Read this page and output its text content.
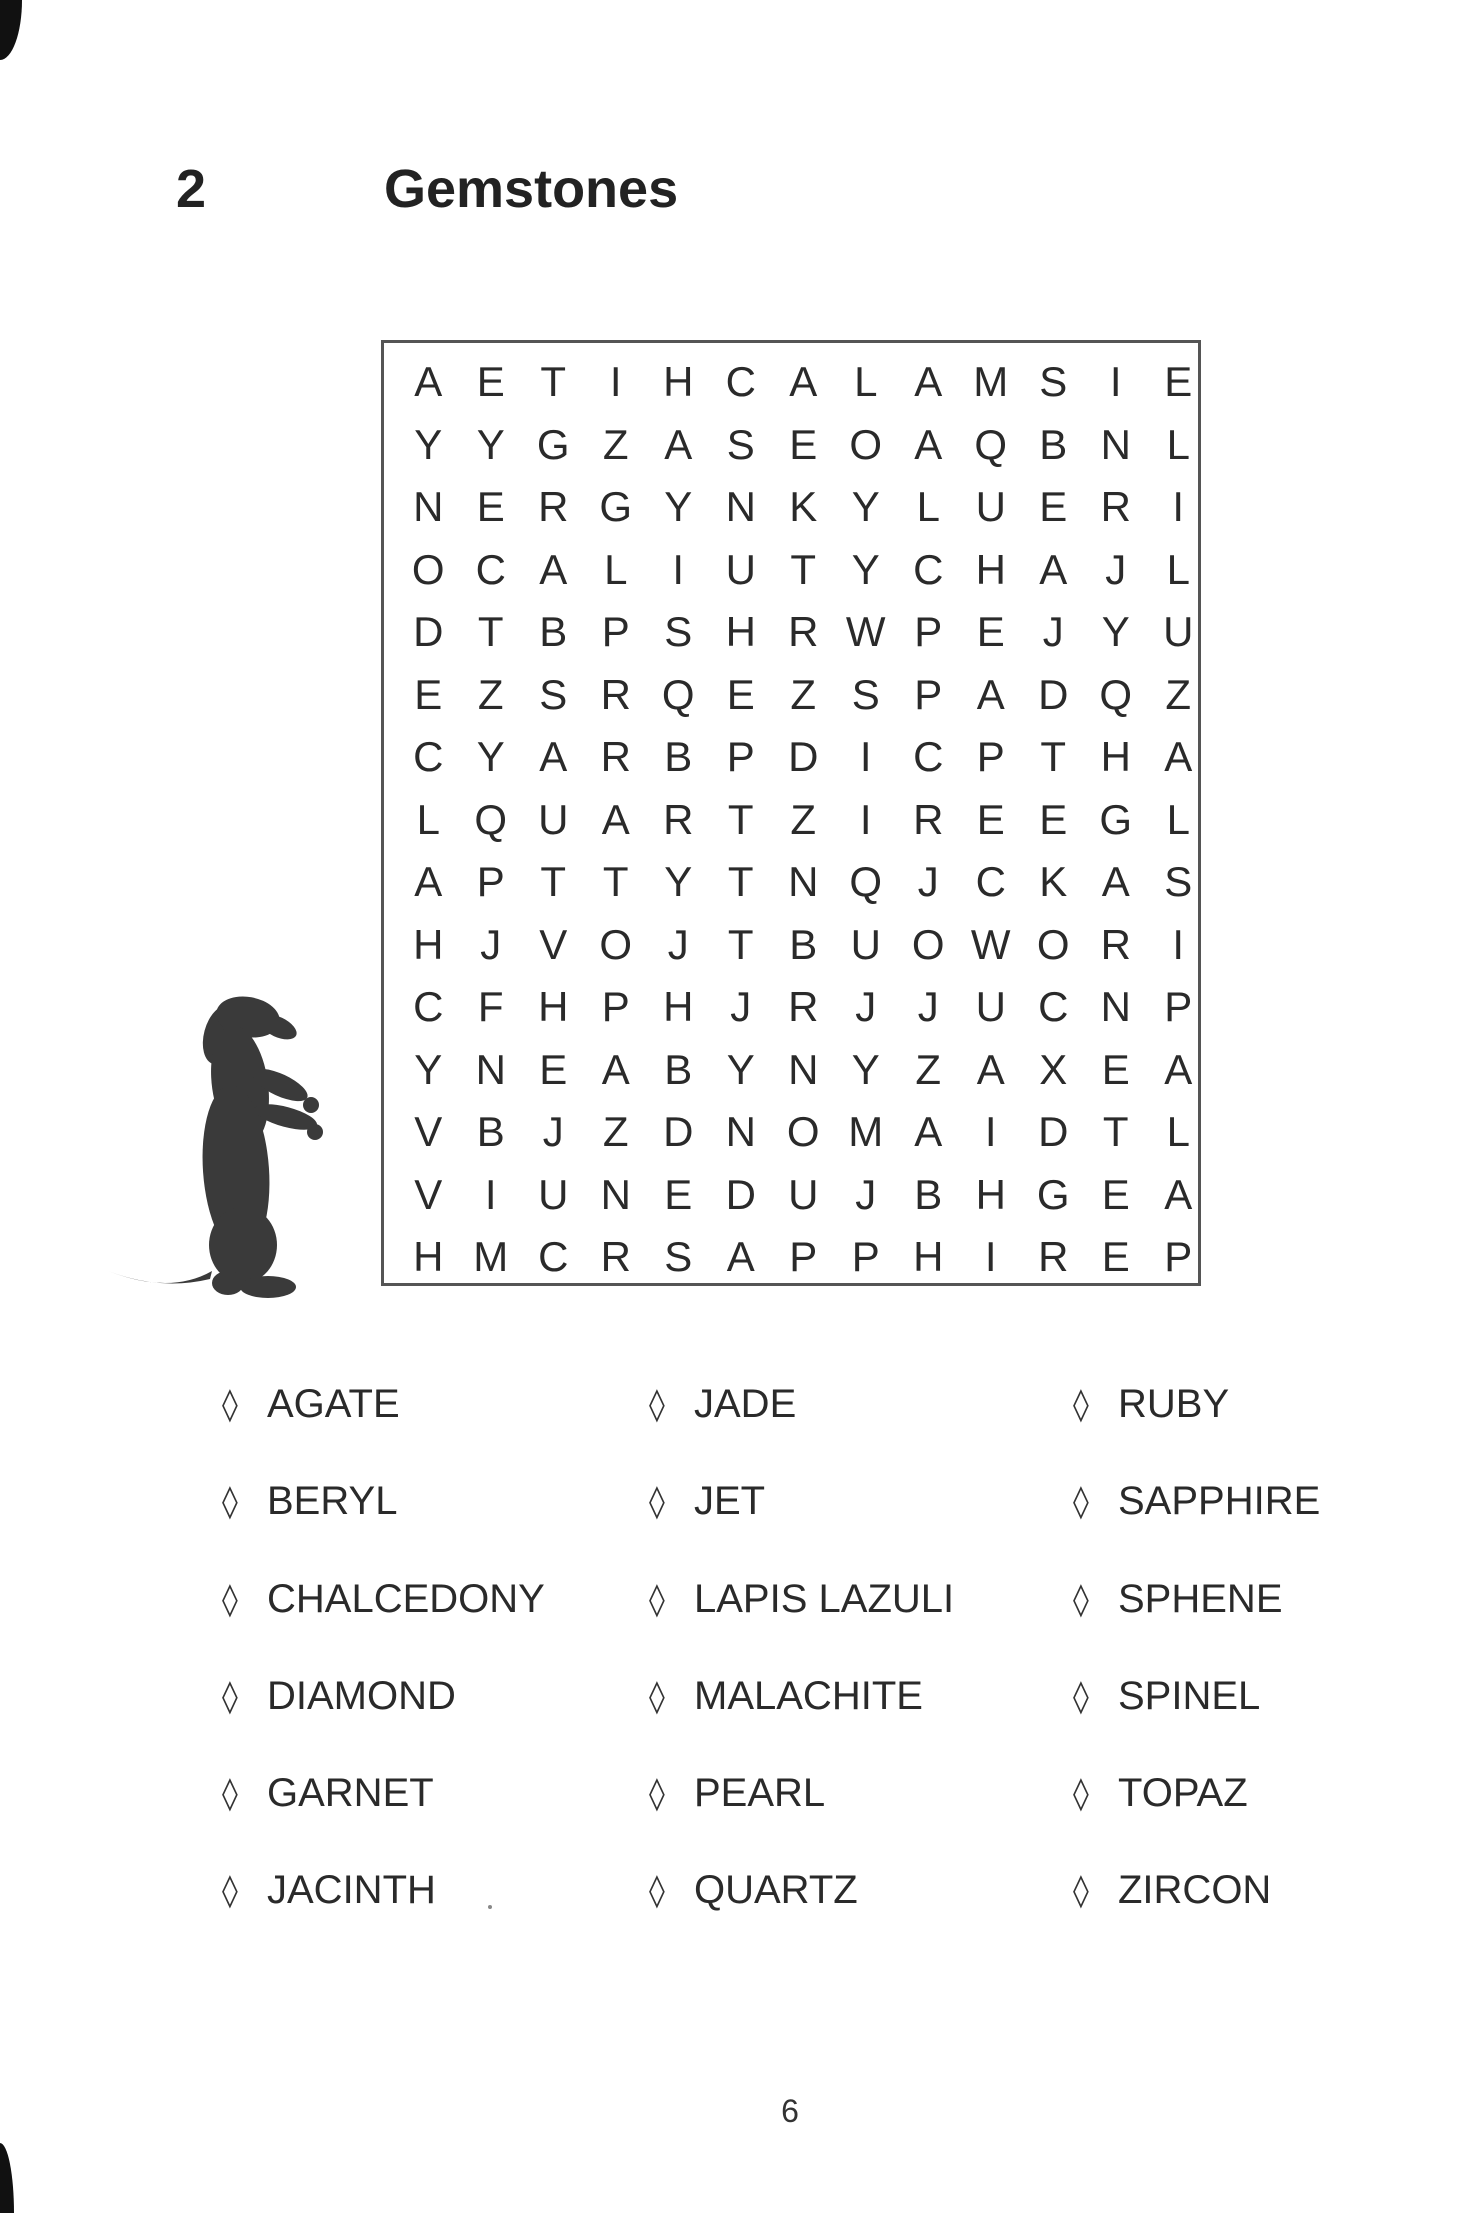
2	Gemstones
A E T	I H C A L A M S	I	E
Y Y G Z A S E O A Q B N L
N E R G Y N K Y L U E R I
O C A L	I U T Y C H A J L
D T B P S H R W P E J Y U
E Z S R Q E Z S P A D Q Z
C Y A R B P D I C P T H A
L Q U A R T Z	I R E E G L
A P T T Y T N Q J C K A S
H J V O J T B U O W O R I
C F H P H J R J J U C N P
Y N E A B Y N Y Z A X E A
V B J Z D N O M A	I D T L
V	I U N E D U J B H G E A
H M C R S A P P H I R E P
◊ AGATE
◊ BERYL
◊ CHALCEDONY
◊ DIAMOND
◊ GARNET
◊ JACINTH
◊ JADE
◊ JET
◊ LAPIS LAZULI
◊ MALACHITE
◊ PEARL
◊ QUARTZ
◊ RUBY
◊ SAPPHIRE
◊ SPHENE
◊ SPINEL
◊ TOPAZ
◊ ZIRCON
6
